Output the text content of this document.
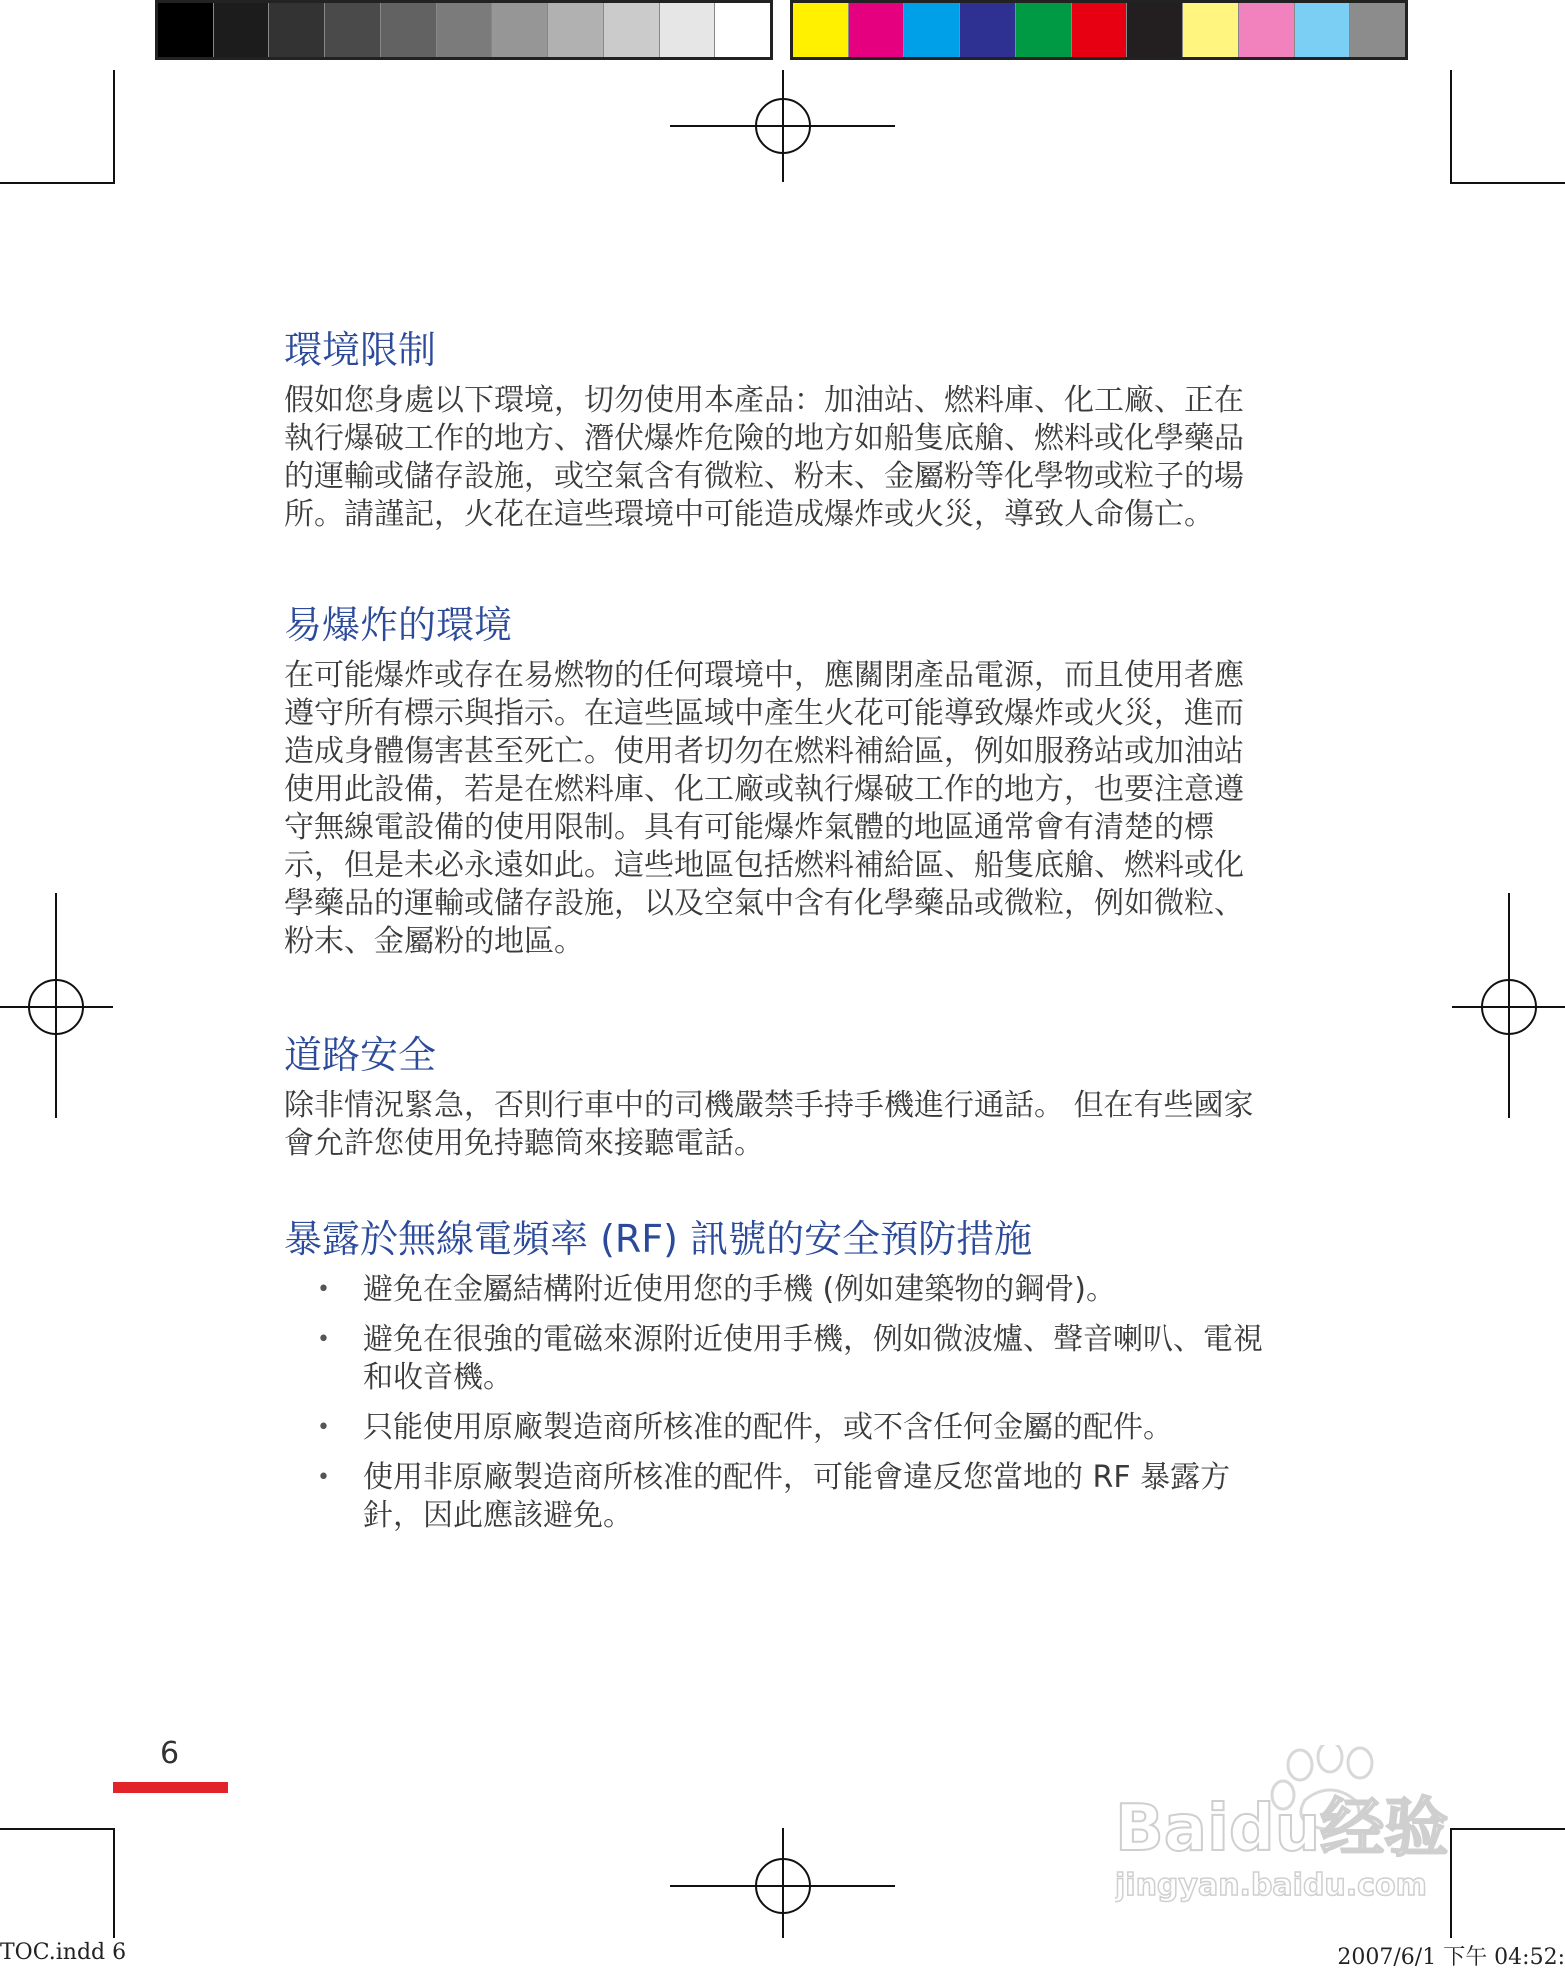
環境限制

假如您身處以下環境，切勿使用本產品：加油站、燃料庫、化工廠、正在
執行爆破工作的地方、潛伏爆炸危險的地方如船隻底艙、燃料或化學藥品
的運輸或儲存設施，或空氣含有微粒、粉末、金屬粉等化學物或粒子的場
所。請謹記，火花在這些環境中可能造成爆炸或火災，導致人命傷亡。

易爆炸的環境

在可能爆炸或存在易燃物的任何環境中，應關閉產品電源，而且使用者應
遵守所有標示與指示。在這些區域中產生火花可能導致爆炸或火災，進而
造成身體傷害甚至死亡。使用者切勿在燃料補給區，例如服務站或加油站
使用此設備，若是在燃料庫、化工廠或執行爆破工作的地方，也要注意遵
守無線電設備的使用限制。具有可能爆炸氣體的地區通常會有清楚的標
示，但是未必永遠如此。這些地區包括燃料補給區、船隻底艙、燃料或化
學藥品的運輸或儲存設施，以及空氣中含有化學藥品或微粒，例如微粒、
粉末、金屬粉的地區。

道路安全

除非情況緊急，否則行車中的司機嚴禁手持手機進行通話。 但在有些國家
會允許您使用免持聽筒來接聽電話。

暴露於無線電頻率 (RF) 訊號的安全預防措施
• 避免在金屬結構附近使用您的手機 (例如建築物的鋼骨)。
• 避免在很強的電磁來源附近使用手機，例如微波爐、聲音喇叭、電視
和收音機。
• 只能使用原廠製造商所核准的配件，或不含任何金屬的配件。
• 使用非原廠製造商所核准的配件，可能會違反您當地的 RF 暴露方
針，因此應該避免。
6
Baidu经验
jingyan.baidu.com
TOC.indd 6	2007/6/1 下午 04:52:
